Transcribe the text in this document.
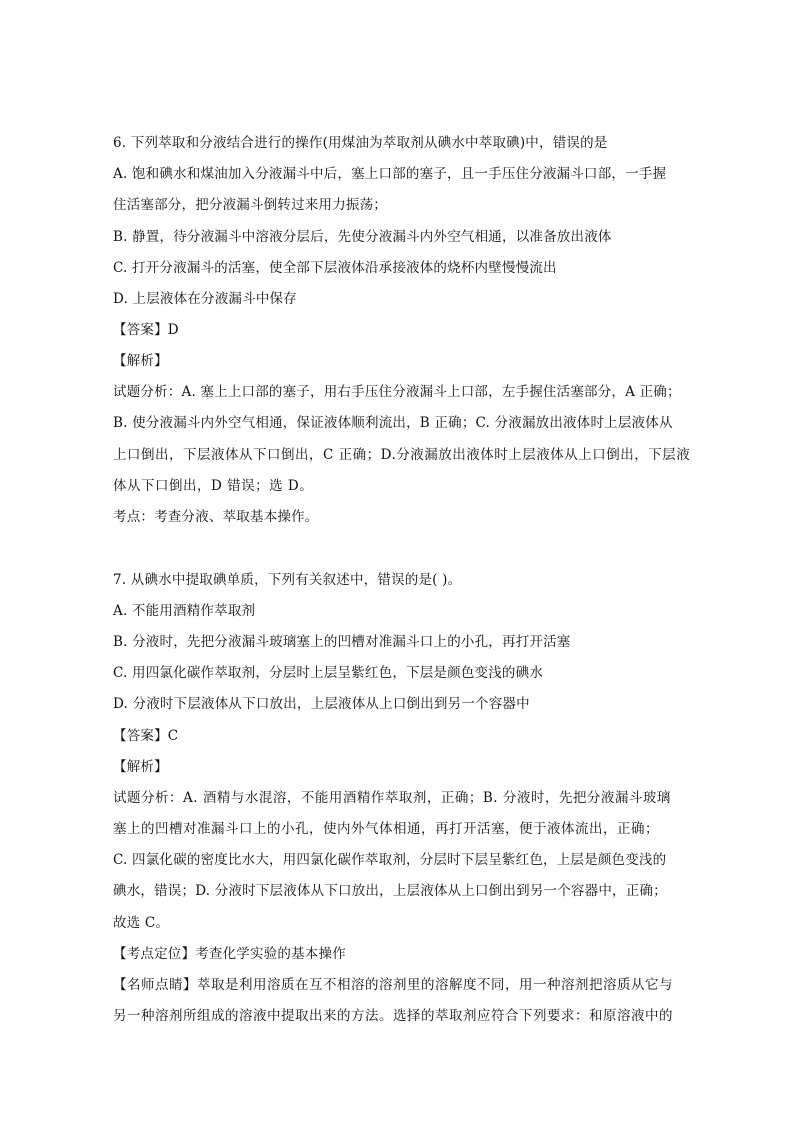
6. 下列萃取和分液结合进行的操作(用煤油为萃取剂从碘水中萃取碘)中，错误的是
A. 饱和碘水和煤油加入分液漏斗中后，塞上口部的塞子，且一手压住分液漏斗口部，一手握
住活塞部分，把分液漏斗倒转过来用力振荡；
B. 静置，待分液漏斗中溶液分层后，先使分液漏斗内外空气相通，以准备放出液体
C. 打开分液漏斗的活塞，使全部下层液体沿承接液体的烧杯内壁慢慢流出
D. 上层液体在分液漏斗中保存
【答案】D
【解析】
试题分析：A. 塞上上口部的塞子，用右手压住分液漏斗上口部，左手握住活塞部分，A 正确；
B. 使分液漏斗内外空气相通，保证液体顺利流出，B 正确；C. 分液漏放出液体时上层液体从
上口倒出，下层液体从下口倒出，C 正确；D.分液漏放出液体时上层液体从上口倒出，下层液
体从下口倒出，D 错误；选 D。
考点：考查分液、萃取基本操作。
7. 从碘水中提取碘单质，下列有关叙述中，错误的是( )。
A. 不能用酒精作萃取剂
B. 分液时，先把分液漏斗玻璃塞上的凹槽对准漏斗口上的小孔，再打开活塞
C. 用四氯化碳作萃取剂，分层时上层呈紫红色，下层是颜色变浅的碘水
D. 分液时下层液体从下口放出，上层液体从上口倒出到另一个容器中
【答案】C
【解析】
试题分析：A. 酒精与水混溶，不能用酒精作萃取剂，正确；B. 分液时，先把分液漏斗玻璃
塞上的凹槽对准漏斗口上的小孔，使内外气体相通，再打开活塞，便于液体流出，正确；
C. 四氯化碳的密度比水大，用四氯化碳作萃取剂，分层时下层呈紫红色，上层是颜色变浅的
碘水，错误；D. 分液时下层液体从下口放出，上层液体从上口倒出到另一个容器中，正确；
故选 C。
【考点定位】考查化学实验的基本操作
【名师点睛】萃取是利用溶质在互不相溶的溶剂里的溶解度不同，用一种溶剂把溶质从它与
另一种溶剂所组成的溶液中提取出来的方法。选择的萃取剂应符合下列要求：和原溶液中的
